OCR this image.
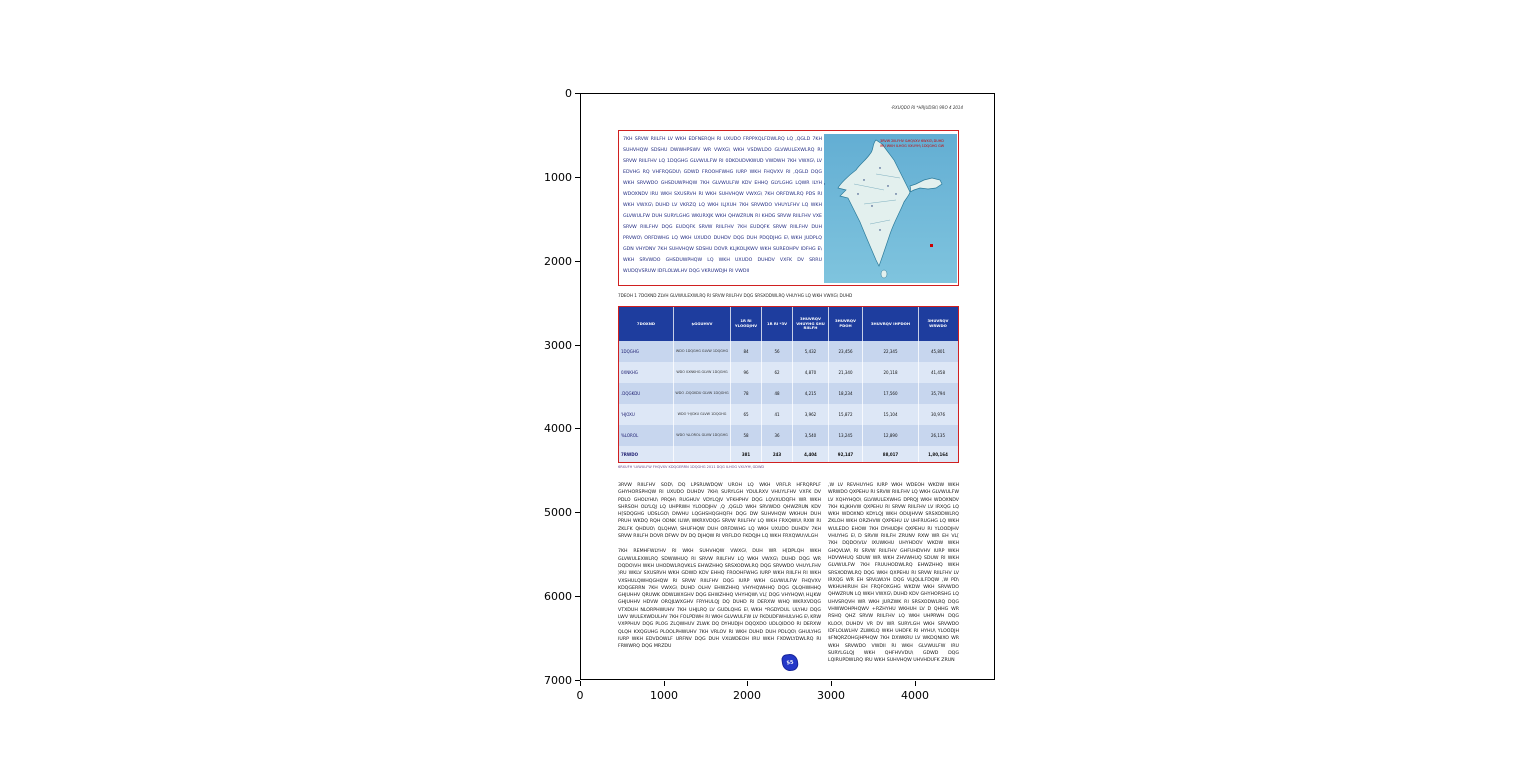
0
1000
2000
3000
4000
5000
6000
7000
0	1000	2000	3000	4000
-RXUQDO RI *HRJUDSK\ 9RO 4 2014
7KH SRVW RIILFH LV WKH EDFNERQH RI UXUDO FRPPXQLFDWLRQ LQ ,QGLD 7KH SUHVHQW SDSHU DWWHPSWV WR VWXG\ WKH VSDWLDO GLVWULEXWLRQ RI SRVW RIILFHV LQ 1DQGHG GLVWULFW RI 0DKDUDVKWUD VWDWH 7KH VWXG\ LV EDVHG RQ VHFRQGDU\ GDWD FROOHFWHG IURP WKH FHQVXV RI ,QGLD DQG WKH SRVWDO GHSDUWPHQW 7KH GLVWULFW KDV EHHQ GLYLGHG LQWR ILYH WDOXNDV IRU WKH SXUSRVH RI WKH SUHVHQW VWXG\ 7KH ORFDWLRQ PDS RI WKH VWXG\ DUHD LV VKRZQ LQ WKH ILJXUH 7KH SRVWDO VHUYLFHV LQ WKH GLVWULFW DUH SURYLGHG WKURXJK WKH QHWZRUN RI KHDG SRVW RIILFHV VXE SRVW RIILFHV DQG EUDQFK SRVW RIILFHV 7KH EUDQFK SRVW RIILFHV DUH PRVWO\ ORFDWHG LQ WKH UXUDO DUHDV DQG DUH PDQDJHG E\ WKH JUDPLQ GDN VHYDNV 7KH SUHVHQW SDSHU DOVR KLJKOLJKWV WKH SUREOHPV IDFHG E\ WKH SRVWDO GHSDUWPHQW LQ WKH UXUDO DUHDV VXFK DV SRRU WUDQVSRUW IDFLOLWLHV DQG VKRUWDJH RI VWDII
3RVW 2IILFHV &HQVXV 6WXG\ DUHD
IRU WKH ILHOG VXUYH\ 1DQGHG GW
7DEOH 1 7DOXND ZLVH GLVWULEXWLRQ RI SRVW RIILFHV DQG SRSXODWLRQ VHUYHG LQ WKH VWXG\ DUHD
7DOXND	$GGUHVV	1R RI YLOODJHV	1R RI *3V
3HUVRQV VHUYHG SHU RIILFH
3HUVRQV PDOH	3HUVRQV IHPDOH	3HUVRQV WRWDO
1DQGHG	WDO 1DQGHG GLVW 1DQGHG	84	56	5,432	23,456	22,345	45,801
0XNKHG	WDO 0XNKHG GLVW 1DQGHG	96	62	4,870	21,340	20,118	41,458
.DQGKDU	WDO .DQGKDU GLVW 1DQGHG	78	48	4,215	18,234	17,560	35,794
'HJOXU	WDO 'HJOXU GLVW 1DQGHG	65	41	3,962	15,872	15,104	30,976
%LOROL	WDO %LOROL GLVW 1DQGHG	58	36	3,540	13,245	12,890	26,135
7RWDO	381	243	4,404	92,147	88,017	1,80,164
6RXUFH 'LVWULFW FHQVXV KDQGERRN 1DQGHG 2011 DQG ILHOG VXUYH\ GDWD

3RVW RIILFHV SOD\ DQ LPSRUWDQW UROH LQ WKH VRFLR HFRQRPLF GHYHORSPHQW RI UXUDO DUHDV 7KH\ SURYLGH YDULRXV VHUYLFHV VXFK DV PDLO GHOLYHU\ PRQH\ RUGHUV VDYLQJV VFKHPHV DQG LQVXUDQFH WR WKH SHRSOH OLYLQJ LQ UHPRWH YLOODJHV ,Q ,QGLD WKH SRVWDO QHWZRUN KDV H[SDQGHG UDSLGO\ DIWHU LQGHSHQGHQFH DQG DW SUHVHQW WKHUH DUH PRUH WKDQ RQH ODNK ILIW\ WKRXVDQG SRVW RIILFHV LQ WKH FRXQWU\ RXW RI ZKLFK QHDUO\ QLQHW\ SHUFHQW DUH ORFDWHG LQ WKH UXUDO DUHDV 7KH SRVW RIILFH DOVR DFWV DV DQ DJHQW RI VRFLDO FKDQJH LQ WKH FRXQWU\VLGH

7KH REMHFWLYHV RI WKH SUHVHQW VWXG\ DUH WR H[DPLQH WKH GLVWULEXWLRQ SDWWHUQ RI SRVW RIILFHV LQ WKH VWXG\ DUHD DQG WR DQDO\VH WKH UHODWLRQVKLS EHWZHHQ SRSXODWLRQ DQG SRVWDO VHUYLFHV )RU WKLV SXUSRVH WKH GDWD KDV EHHQ FROOHFWHG IURP WKH RIILFH RI WKH VXSHULQWHQGHQW RI SRVW RIILFHV DQG IURP WKH GLVWULFW FHQVXV KDQGERRN 7KH VWXG\ DUHD OLHV EHWZHHQ VHYHQWHHQ DQG QLQHWHHQ GHJUHHV QRUWK ODWLWXGHV DQG EHWZHHQ VHYHQW\ VL[ DQG VHYHQW\ HLJKW GHJUHHV HDVW ORQJLWXGHV FRYHULQJ DQ DUHD RI DERXW WHQ WKRXVDQG VTXDUH NLORPHWUHV 7KH UHJLRQ LV GUDLQHG E\ WKH *RGDYDUL ULYHU DQG LWV WULEXWDULHV 7KH FOLPDWH RI WKH GLVWULFW LV FKDUDFWHULVHG E\ KRW VXPPHUV DQG PLOG ZLQWHUV ZLWK DQ DYHUDJH DQQXDO UDLQIDOO RI DERXW QLQH KXQGUHG PLOOLPHWUHV 7KH VRLOV RI WKH DUHD DUH PDLQO\ GHULYHG IURP WKH EDVDOWLF URFNV DQG DUH VXLWDEOH IRU WKH FXOWLYDWLRQ RI FRWWRQ DQG MRZDU

,W LV REVHUYHG IURP WKH WDEOH WKDW WKH WRWDO QXPEHU RI SRVW RIILFHV LQ WKH GLVWULFW LV XQHYHQO\ GLVWULEXWHG DPRQJ WKH WDOXNDV 7KH KLJKHVW QXPEHU RI SRVW RIILFHV LV IRXQG LQ WKH WDOXND KDYLQJ WKH ODUJHVW SRSXODWLRQ ZKLOH WKH ORZHVW QXPEHU LV UHFRUGHG LQ WKH WULEDO EHOW 7KH DYHUDJH QXPEHU RI YLOODJHV VHUYHG E\ D SRVW RIILFH ZRUNV RXW WR EH VL[ 7KH DQDO\VLV IXUWKHU UHYHDOV WKDW WKH GHQVLW\ RI SRVW RIILFHV GHFUHDVHV IURP WKH HDVWHUQ SDUW WR WKH ZHVWHUQ SDUW RI WKH GLVWULFW 7KH FRUUHODWLRQ EHWZHHQ WKH SRSXODWLRQ DQG WKH QXPEHU RI SRVW RIILFHV LV IRXQG WR EH SRVLWLYH DQG VLJQLILFDQW ,W PD\ WKHUHIRUH EH FRQFOXGHG WKDW WKH SRVWDO QHWZRUN LQ WKH VWXG\ DUHD KDV GHYHORSHG LQ UHVSRQVH WR WKH JURZWK RI SRSXODWLRQ DQG VHWWOHPHQWV +RZHYHU WKHUH LV D QHHG WR RSHQ QHZ SRVW RIILFHV LQ WKH UHPRWH DQG KLOO\ DUHDV VR DV WR SURYLGH WKH SRVWDO IDFLOLWLHV ZLWKLQ WKH UHDFK RI HYHU\ YLOODJH $FNQRZOHGJHPHQW 7KH DXWKRU LV WKDQNIXO WR WKH SRVWDO VWDII RI WKH GLVWULFW IRU SURYLGLQJ WKH QHFHVVDU\ GDWD DQG LQIRUPDWLRQ IRU WKH SUHVHQW UHVHDUFK ZRUN

55
